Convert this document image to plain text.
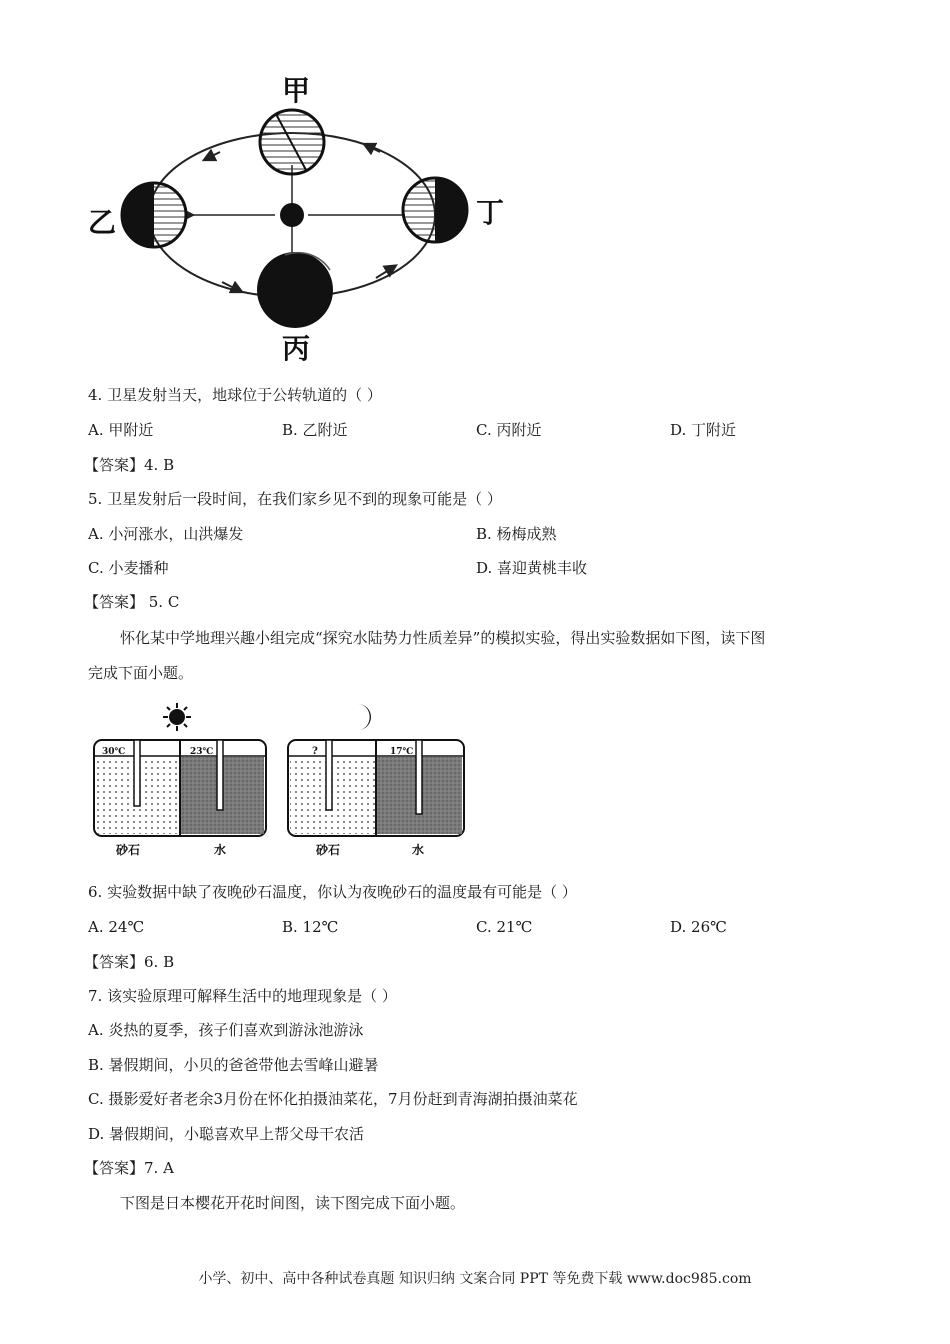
甲
乙	丁
丙
4. 卫星发射当天，地球位于公转轨道的（ ）
A. 甲附近	B. 乙附近	C. 丙附近	D. 丁附近
【答案】4. B
5. 卫星发射后一段时间，在我们家乡见不到的现象可能是（ ）
A. 小河涨水，山洪爆发	B. 杨梅成熟
C. 小麦播种	D. 喜迎黄桃丰收
【答案】 5. C
怀化某中学地理兴趣小组完成“探究水陆势力性质差异”的模拟实验，得出实验数据如下图，读下图
完成下面小题。
30℃	23℃	?	17℃
砂石	水	砂石	水
6. 实验数据中缺了夜晚砂石温度，你认为夜晚砂石的温度最有可能是（ ）
A. 24℃	B. 12℃	C. 21℃	D. 26℃
【答案】6. B
7. 该实验原理可解释生活中的地理现象是（ ）
A. 炎热的夏季，孩子们喜欢到游泳池游泳
B. 暑假期间，小贝的爸爸带他去雪峰山避暑
C. 摄影爱好者老余3月份在怀化拍摄油菜花，7月份赶到青海湖拍摄油菜花
D. 暑假期间，小聪喜欢早上帮父母干农活
【答案】7. A
下图是日本樱花开花时间图，读下图完成下面小题。
小学、初中、高中各种试卷真题 知识归纳 文案合同 PPT 等免费下载 www.doc985.com
